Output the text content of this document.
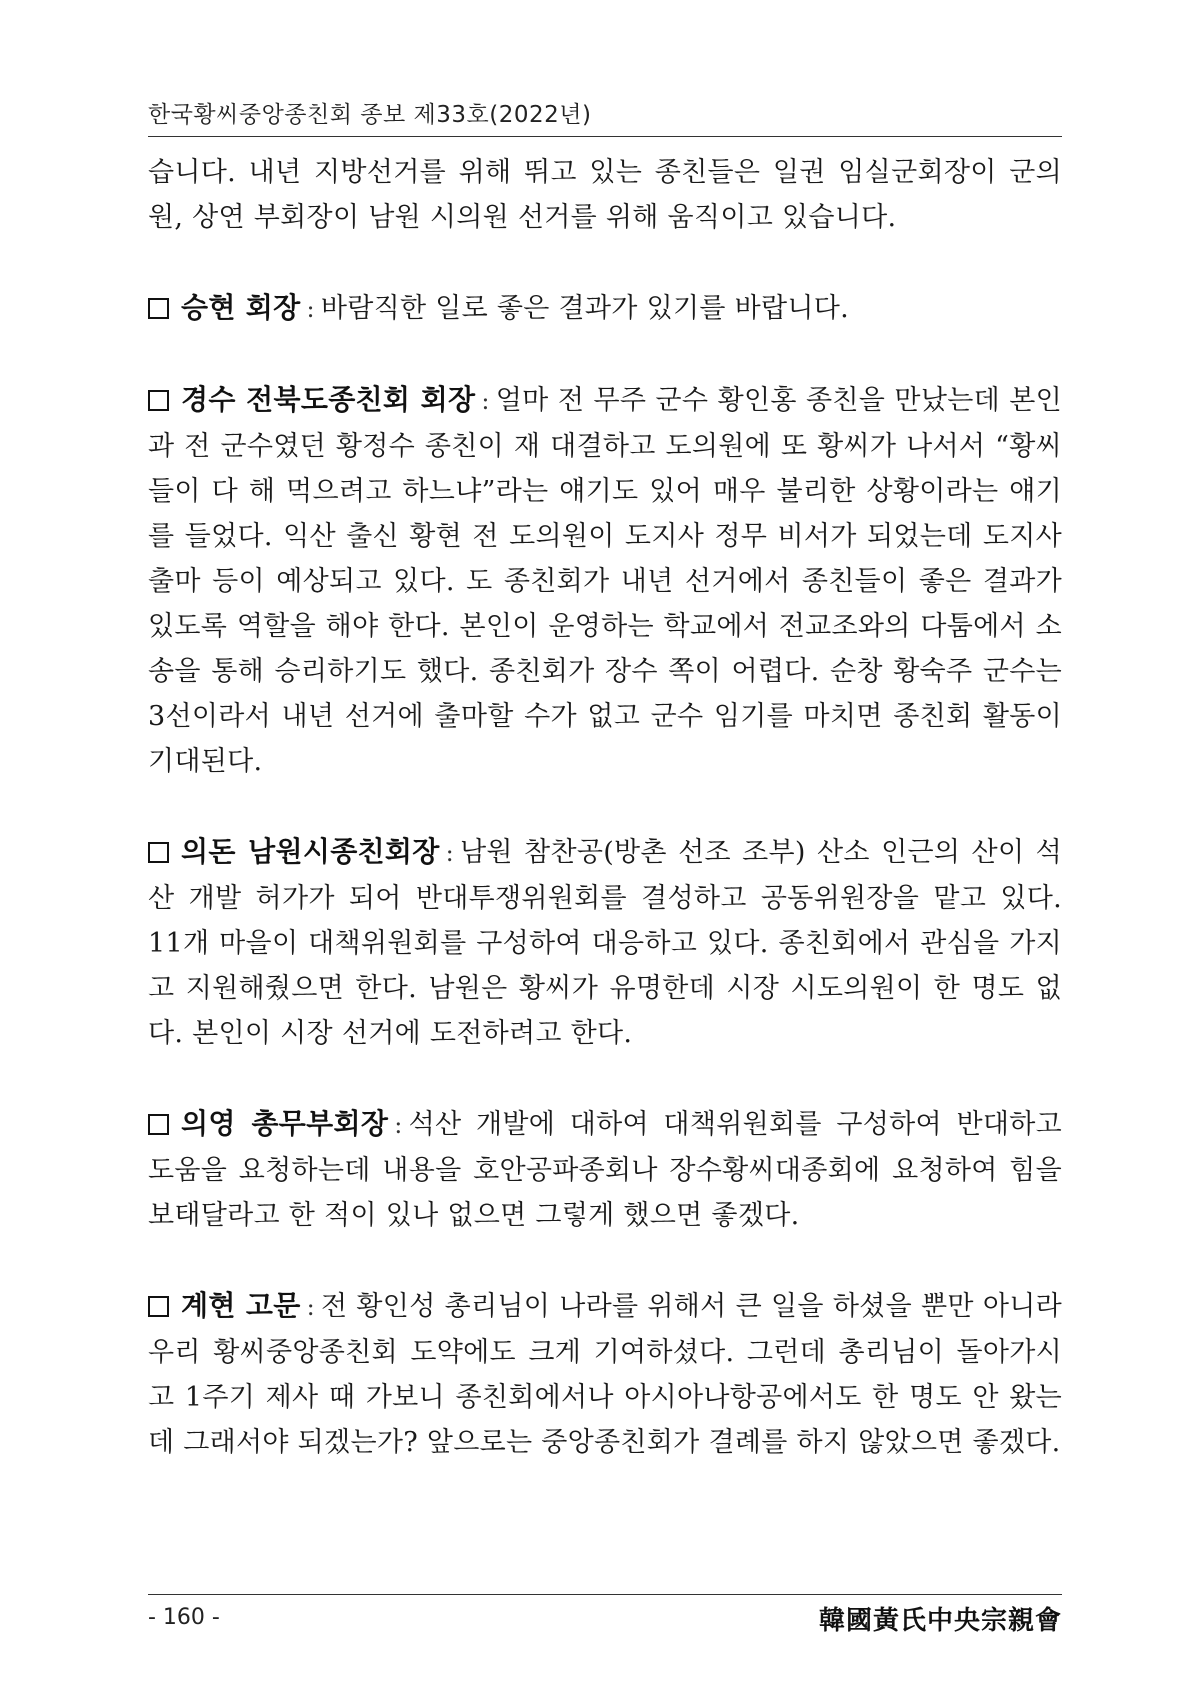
한국황씨중앙종친회 종보 제33호(2022년)

습니다. 내년 지방선거를 위해 뛰고 있는 종친들은 일권 임실군회장이 군의원, 상연 부회장이 남원 시의원 선거를 위해 움직이고 있습니다.

승현 회장 : 바람직한 일로 좋은 결과가 있기를 바랍니다.

경수 전북도종친회 회장 : 얼마 전 무주 군수 황인홍 종친을 만났는데 본인과 전 군수였던 황정수 종친이 재 대결하고 도의원에 또 황씨가 나서서 “황씨들이 다 해 먹으려고 하느냐”라는 얘기도 있어 매우 불리한 상황이라는 얘기를 들었다. 익산 출신 황현 전 도의원이 도지사 정무 비서가 되었는데 도지사 출마 등이 예상되고 있다. 도 종친회가 내년 선거에서 종친들이 좋은 결과가 있도록 역할을 해야 한다. 본인이 운영하는 학교에서 전교조와의 다툼에서 소송을 통해 승리하기도 했다. 종친회가 장수 쪽이 어렵다. 순창 황숙주 군수는 3선이라서 내년 선거에 출마할 수가 없고 군수 임기를 마치면 종친회 활동이 기대된다.

의돈 남원시종친회장 : 남원 참찬공(방촌 선조 조부) 산소 인근의 산이 석산 개발 허가가 되어 반대투쟁위원회를 결성하고 공동위원장을 맡고 있다. 11개 마을이 대책위원회를 구성하여 대응하고 있다. 종친회에서 관심을 가지고 지원해줬으면 한다. 남원은 황씨가 유명한데 시장 시도의원이 한 명도 없다. 본인이 시장 선거에 도전하려고 한다.

의영 총무부회장 : 석산 개발에 대하여 대책위원회를 구성하여 반대하고 도움을 요청하는데 내용을 호안공파종회나 장수황씨대종회에 요청하여 힘을 보태달라고 한 적이 있나 없으면 그렇게 했으면 좋겠다.

계현 고문 : 전 황인성 총리님이 나라를 위해서 큰 일을 하셨을 뿐만 아니라 우리 황씨중앙종친회 도약에도 크게 기여하셨다. 그런데 총리님이 돌아가시고 1주기 제사 때 가보니 종친회에서나 아시아나항공에서도 한 명도 안 왔는데 그래서야 되겠는가? 앞으로는 중앙종친회가 결례를 하지 않았으면 좋겠다.

- 160 -	韓國黃氏中央宗親會
